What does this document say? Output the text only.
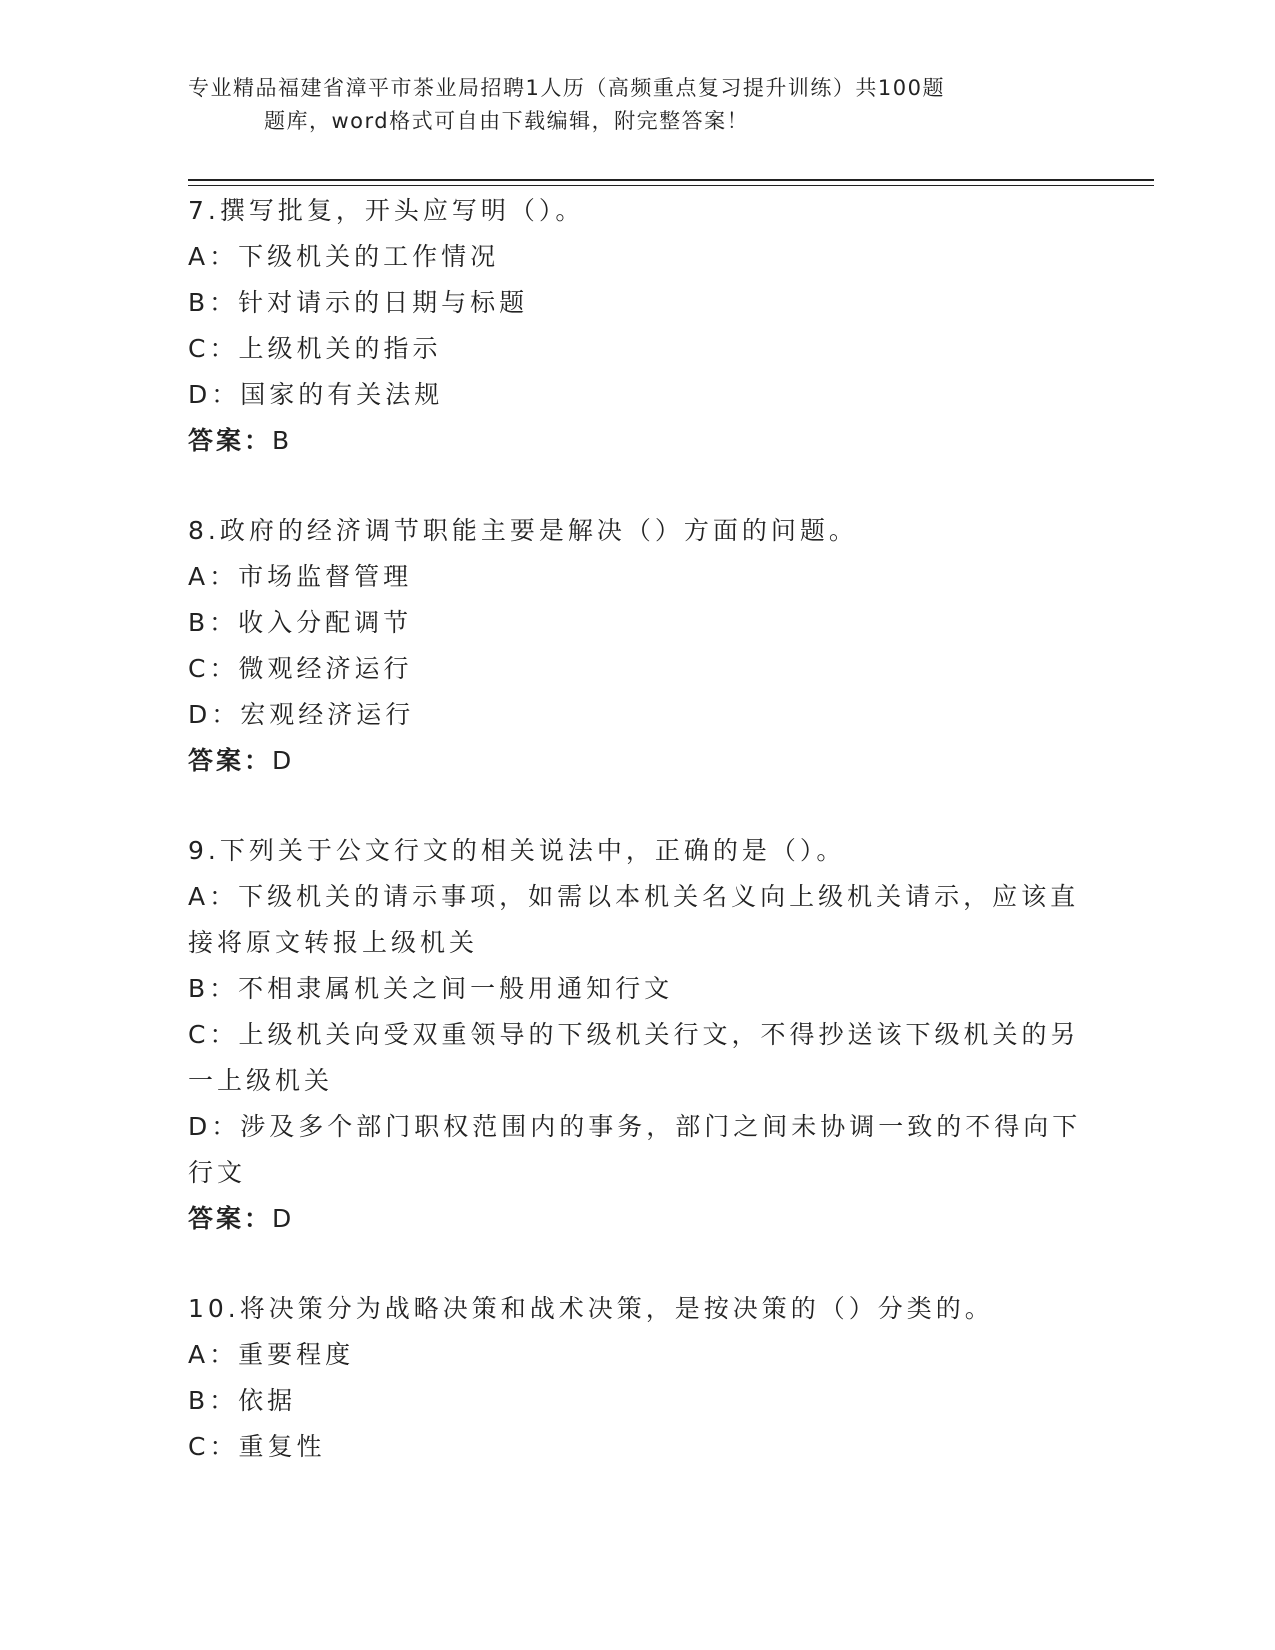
专业精品福建省漳平市茶业局招聘1人历（高频重点复习提升训练）共100题
题库，word格式可自由下载编辑，附完整答案！
7.撰写批复，开头应写明（）。
A：下级机关的工作情况
B：针对请示的日期与标题
C：上级机关的指示
D：国家的有关法规
答案：B
8.政府的经济调节职能主要是解决（）方面的问题。
A：市场监督管理
B：收入分配调节
C：微观经济运行
D：宏观经济运行
答案：D
9.下列关于公文行文的相关说法中，正确的是（）。
A：下级机关的请示事项，如需以本机关名义向上级机关请示，应该直接将原文转报上级机关
B：不相隶属机关之间一般用通知行文
C：上级机关向受双重领导的下级机关行文，不得抄送该下级机关的另一上级机关
D：涉及多个部门职权范围内的事务，部门之间未协调一致的不得向下行文
答案：D
10.将决策分为战略决策和战术决策，是按决策的（）分类的。
A：重要程度
B：依据
C：重复性
